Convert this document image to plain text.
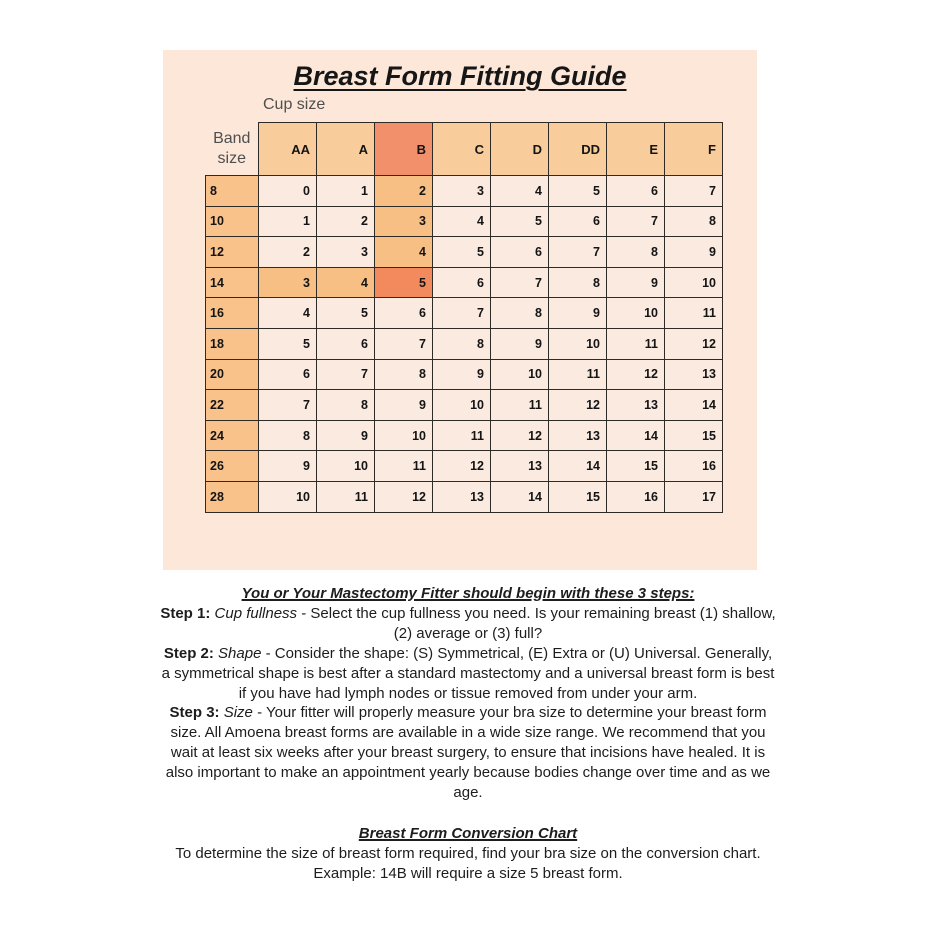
Breast Form Fitting Guide
Cup size
Band size	AA	A	B	C	D	DD	E	F
8	0	1	2	3	4	5	6	7
10	1	2	3	4	5	6	7	8
12	2	3	4	5	6	7	8	9
14	3	4	5	6	7	8	9	10
16	4	5	6	7	8	9	10	11
18	5	6	7	8	9	10	11	12
20	6	7	8	9	10	11	12	13
22	7	8	9	10	11	12	13	14
24	8	9	10	11	12	13	14	15
26	9	10	11	12	13	14	15	16
28	10	11	12	13	14	15	16	17

You or Your Mastectomy Fitter should begin with these 3 steps:

Step 1: Cup fullness - Select the cup fullness you need. Is your remaining breast (1) shallow, (2) average or (3) full?

Step 2: Shape - Consider the shape: (S) Symmetrical, (E) Extra or (U) Universal. Generally, a symmetrical shape is best after a standard mastectomy and a universal breast form is best if you have had lymph nodes or tissue removed from under your arm.

Step 3: Size - Your fitter will properly measure your bra size to determine your breast form size. All Amoena breast forms are available in a wide size range. We recommend that you wait at least six weeks after your breast surgery, to ensure that incisions have healed. It is also important to make an appointment yearly because bodies change over time and as we age.

Breast Form Conversion Chart

To determine the size of breast form required, find your bra size on the conversion chart.

Example: 14B will require a size 5 breast form.
